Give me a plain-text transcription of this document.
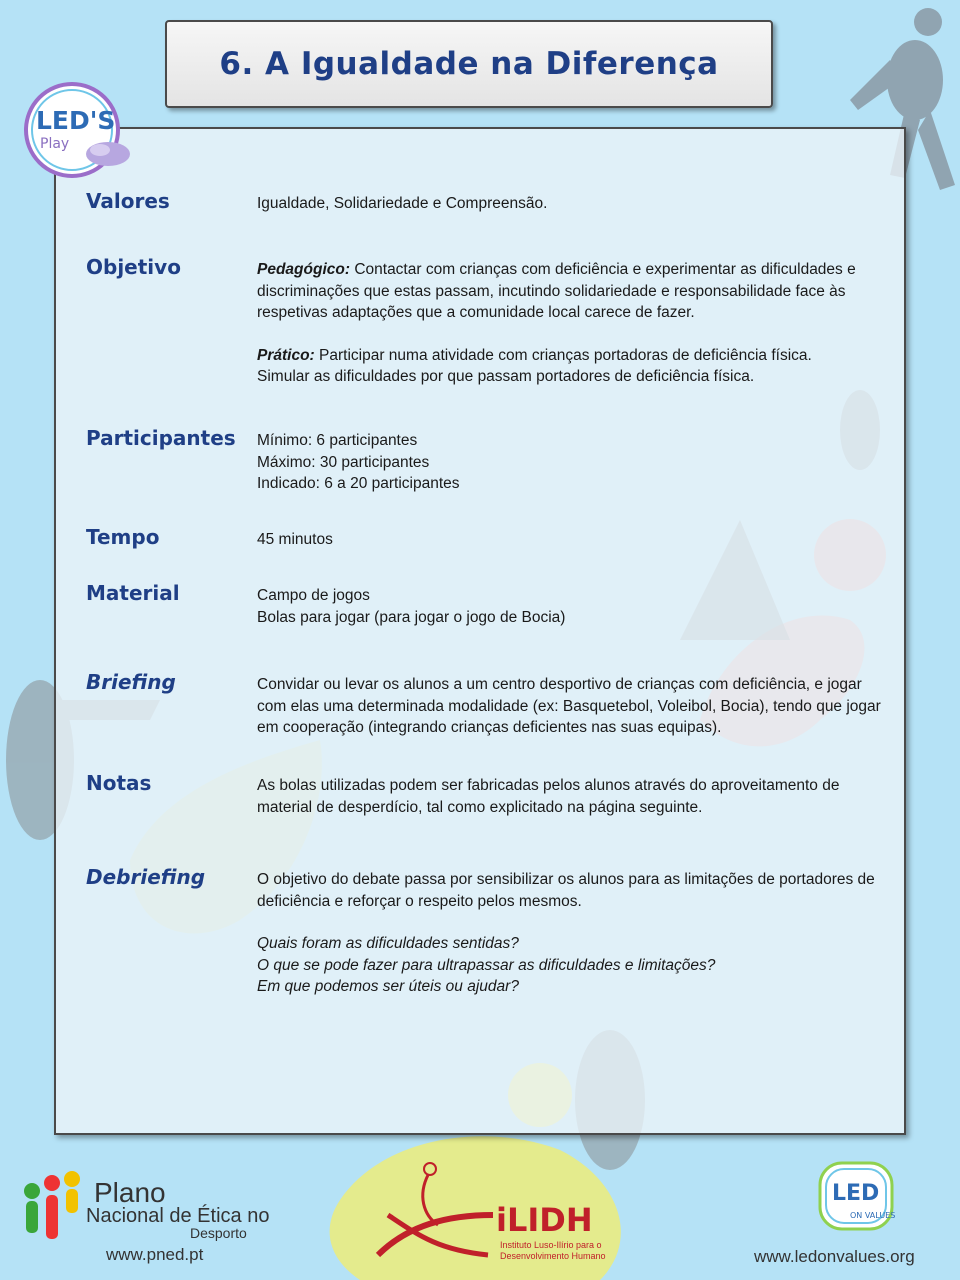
6. A Igualdade na Diferença
Valores	Igualdade, Solidariedade e Compreensão.

Objetivo	Pedagógico: Contactar com crianças com deficiência e experimentar as dificuldades e discriminações que estas passam, incutindo solidariedade e responsabilidade face às respetivas adaptações que a comunidade local carece de fazer.

Prático: Participar numa atividade com crianças portadoras de deficiência física.

Simular as dificuldades por que passam portadores de deficiência física.

Participantes	Mínimo: 6 participantes

Máximo: 30 participantes

Indicado: 6 a 20 participantes

Tempo	45 minutos

Material	Campo de jogos

Bolas para jogar (para jogar o jogo de Bocia)

Briefing	Convidar ou levar os alunos a um centro desportivo de crianças com deficiência, e jogar com elas uma determinada modalidade (ex: Basquetebol, Voleibol, Bocia), tendo que jogar em cooperação (integrando crianças deficientes nas suas equipas).

Notas	As bolas utilizadas podem ser fabricadas pelos alunos através do aproveitamento de material de desperdício, tal como explicitado na página seguinte.

Debriefing	O objetivo do debate passa por sensibilizar os alunos para as limitações de portadores de deficiência e reforçar o respeito pelos mesmos.

Quais foram as dificuldades sentidas?

O que se pode fazer para ultrapassar as dificuldades e limitações?

Em que podemos ser úteis ou ajudar?

LED'S
Play
Plano
Nacional de Ética no
Desporto
www.pned.pt
iLIDH
Instituto Luso-Ilírio para o
Desenvolvimento Humano
LED
ON VALUES
www.ledonvalues.org
